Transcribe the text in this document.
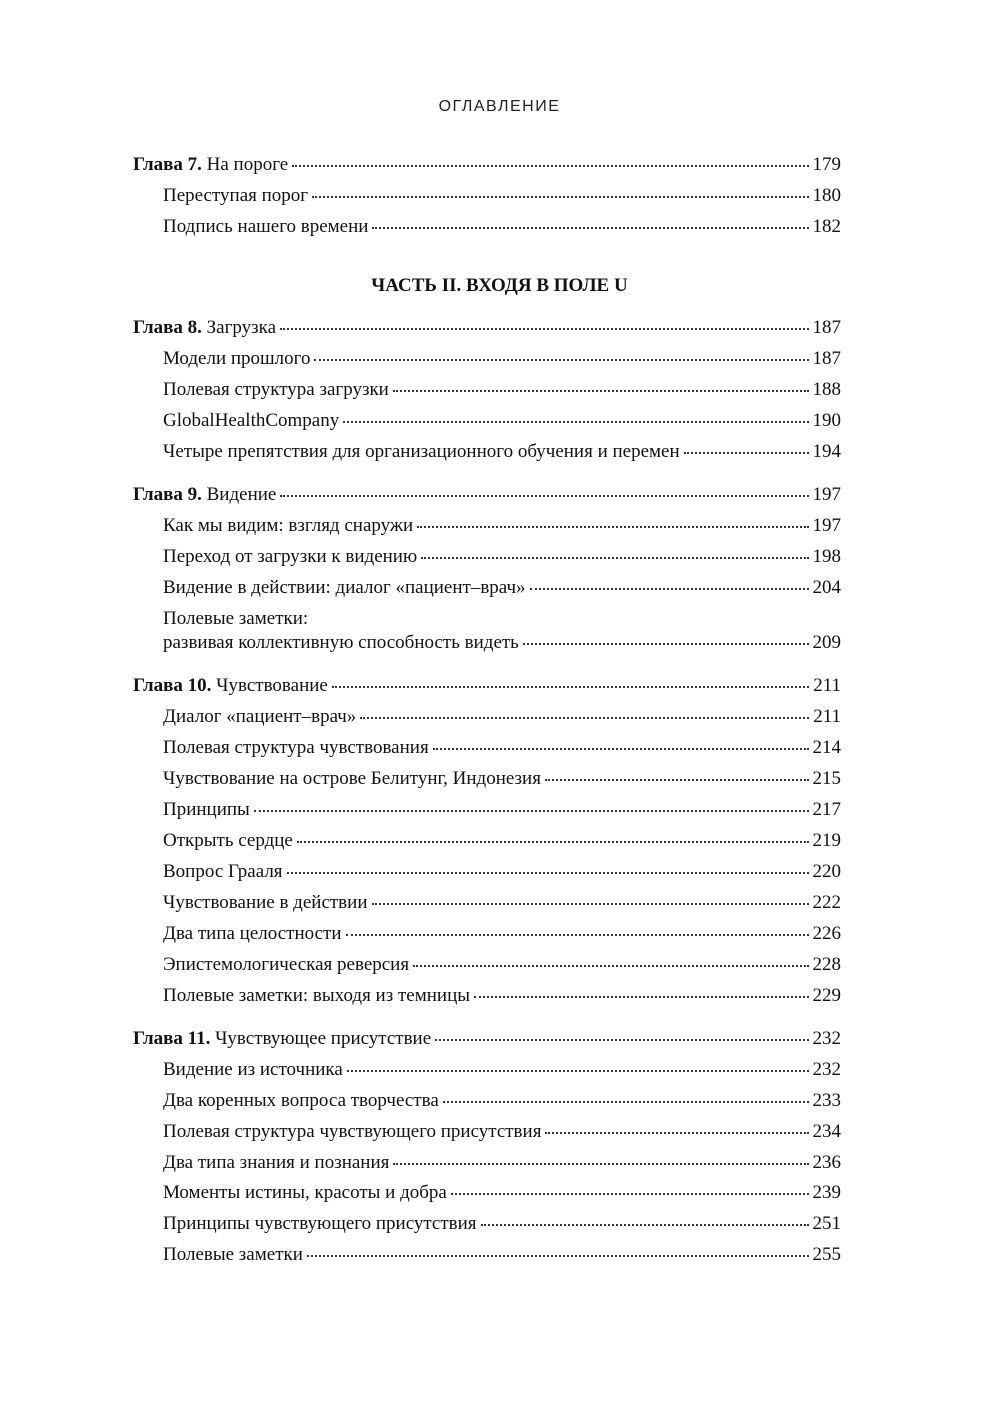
ОГЛАВЛЕНИЕ
ЧАСТЬ II. ВХОДЯ В ПОЛЕ U
Глава 7. На пороге	179
Переступая порог	180
Подпись нашего времени	182
Глава 8. Загрузка	187
Модели прошлого	187
Полевая структура загрузки	188
GlobalHealthCompany	190
Четыре препятствия для организационного обучения и перемен	194
Глава 9. Видение	197
Как мы видим: взгляд снаружи	197
Переход от загрузки к видению	198
Видение в действии: диалог «пациент–врач»	204
Полевые заметки:
развивая коллективную способность видеть	209
Глава 10. Чувствование	211
Диалог «пациент–врач»	211
Полевая структура чувствования	214
Чувствование на острове Белитунг, Индонезия	215
Принципы	217
Открыть сердце	219
Вопрос Грааля	220
Чувствование в действии	222
Два типа целостности	226
Эпистемологическая реверсия	228
Полевые заметки: выходя из темницы	229
Глава 11. Чувствующее присутствие	232
Видение из источника	232
Два коренных вопроса творчества	233
Полевая структура чувствующего присутствия	234
Два типа знания и познания	236
Моменты истины, красоты и добра	239
Принципы чувствующего присутствия	251
Полевые заметки	255
